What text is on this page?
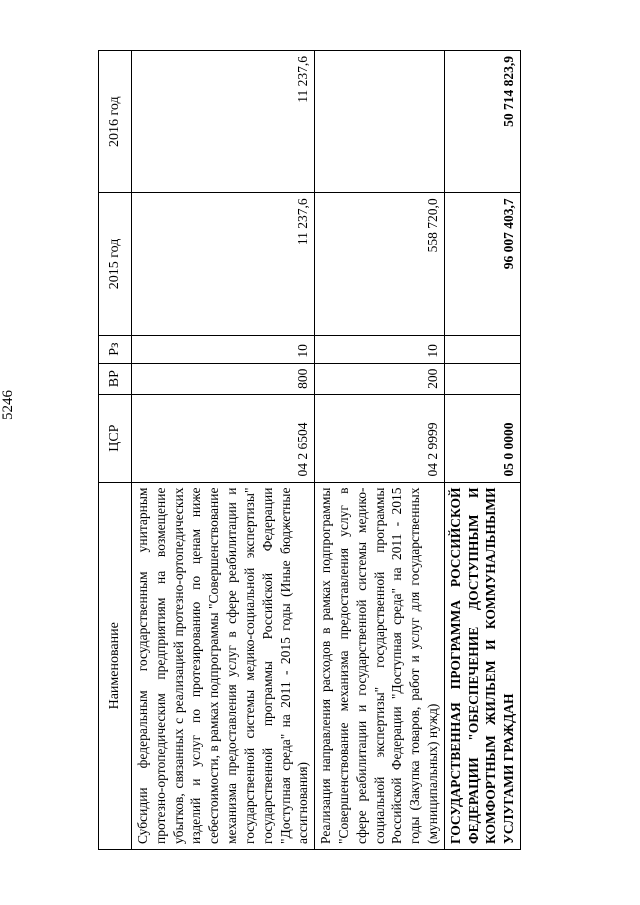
5246
Наименование	ЦСР	ВР	Рз	2015 год	2016 год
Субсидии федеральным государственным унитарным протезно-ортопедическим предприятиям на возмещение убытков, связанных с реализацией протезно-ортопедических изделий и услуг по протезированию по ценам ниже себестоимости, в рамках подпрограммы "Совершенствование механизма предоставления услуг в сфере реабилитации и государственной системы медико-социальной экспертизы" государственной программы Российской Федерации "Доступная среда" на 2011 - 2015 годы (Иные бюджетные ассигнования)	04 2 6504	800	10	11 237,6	11 237,6
Реализация направления расходов в рамках подпрограммы "Совершенствование механизма предоставления услуг в сфере реабилитации и государственной системы медико-социальной экспертизы" государственной программы Российской Федерации "Доступная среда" на 2011 - 2015 годы (Закупка товаров, работ и услуг для государственных (муниципальных) нужд)	04 2 9999	200	10	558 720,0	
ГОСУДАРСТВЕННАЯ ПРОГРАММА РОССИЙСКОЙ ФЕДЕРАЦИИ "ОБЕСПЕЧЕНИЕ ДОСТУПНЫМ И КОМФОРТНЫМ ЖИЛЬЕМ И КОММУНАЛЬНЫМИ УСЛУГАМИ ГРАЖДАН	05 0 0000			96 007 403,7	50 714 823,9
